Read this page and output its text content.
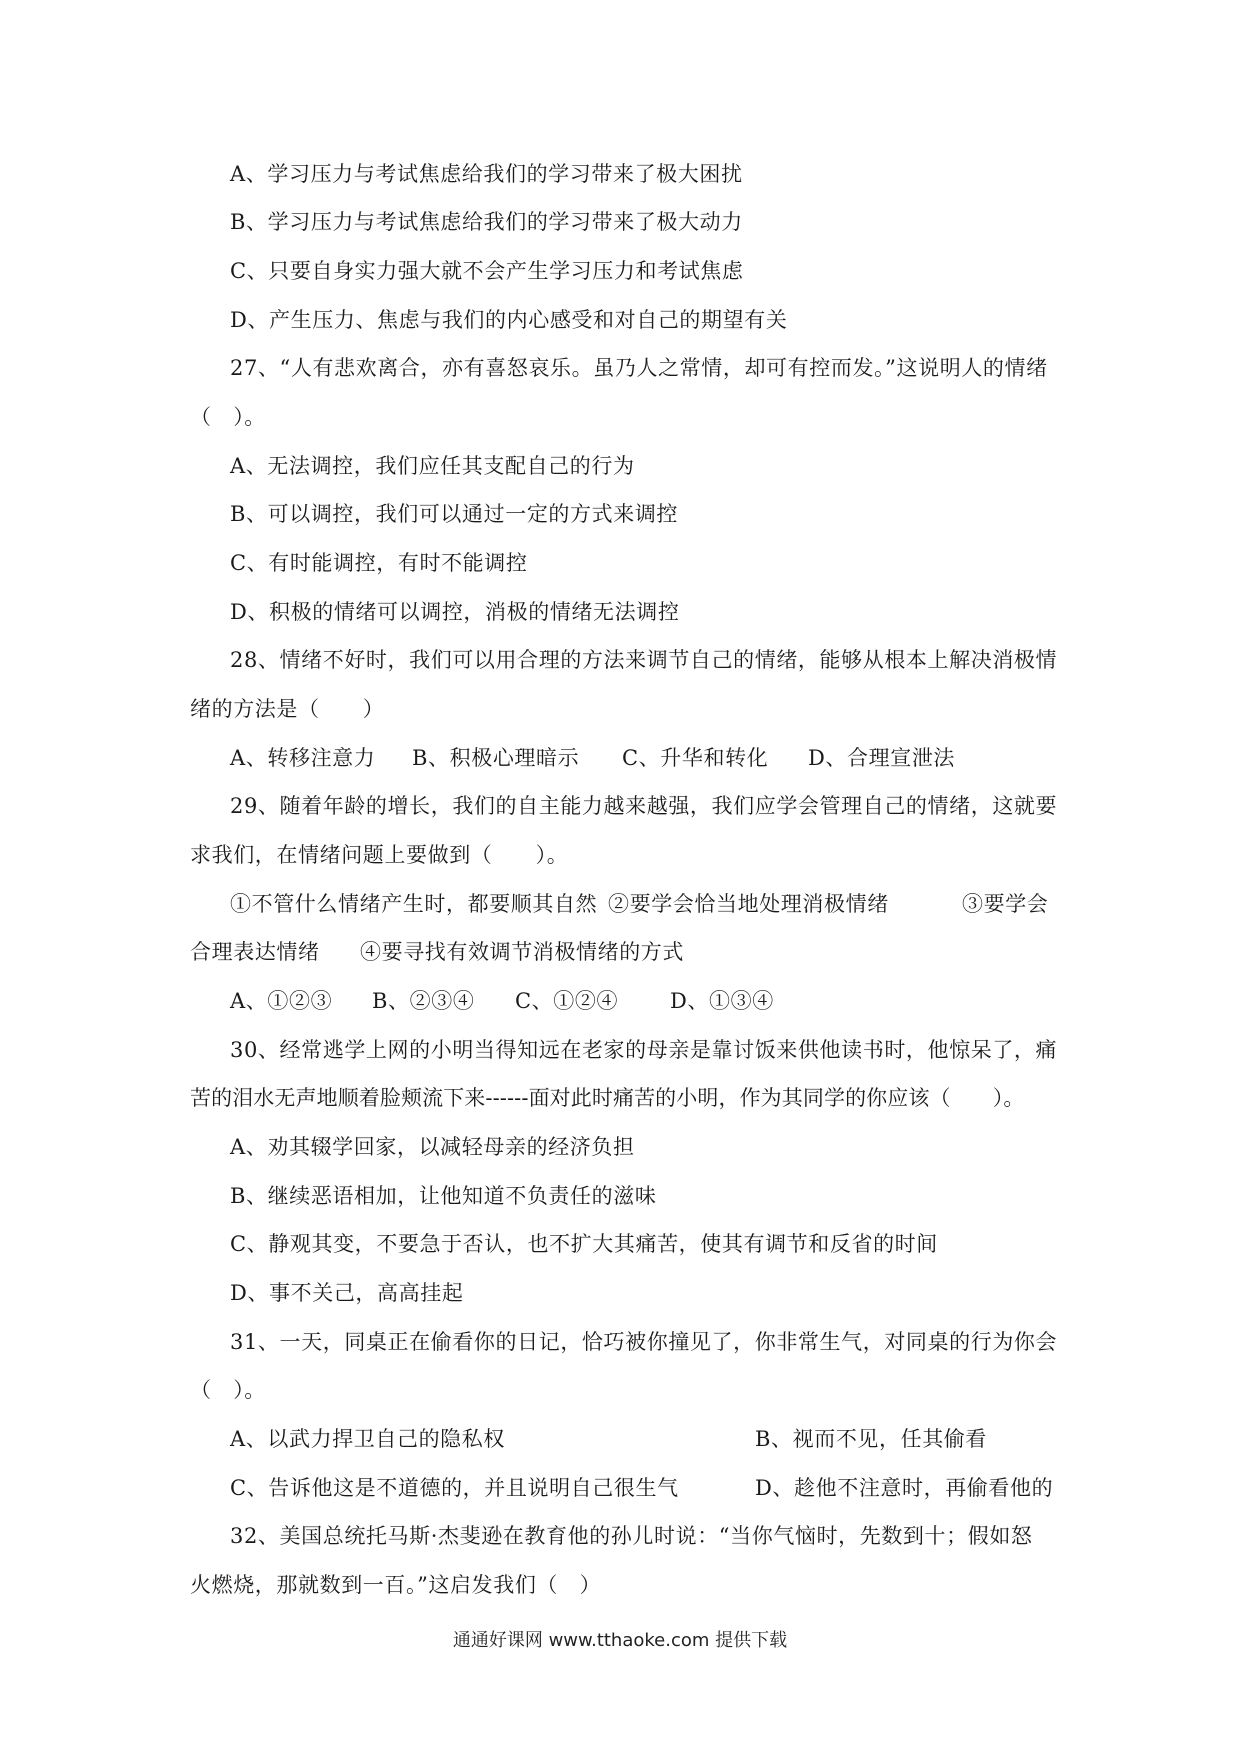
A、学习压力与考试焦虑给我们的学习带来了极大困扰
B、学习压力与考试焦虑给我们的学习带来了极大动力
C、只要自身实力强大就不会产生学习压力和考试焦虑
D、产生压力、焦虑与我们的内心感受和对自己的期望有关
27、“人有悲欢离合，亦有喜怒哀乐。虽乃人之常情，却可有控而发。”这说明人的情绪
（　）。
A、无法调控，我们应任其支配自己的行为
B、可以调控，我们可以通过一定的方式来调控
C、有时能调控，有时不能调控
D、积极的情绪可以调控，消极的情绪无法调控
28、情绪不好时，我们可以用合理的方法来调节自己的情绪，能够从根本上解决消极情
绪的方法是（　　）
A、转移注意力 B、积极心理暗示 C、升华和转化 D、合理宣泄法
29、随着年龄的增长，我们的自主能力越来越强，我们应学会管理自己的情绪，这就要
求我们，在情绪问题上要做到（　　）。
①不管什么情绪产生时，都要顺其自然 ②要学会恰当地处理消极情绪	③要学会
合理表达情绪 ④要寻找有效调节消极情绪的方式
A、①②③ B、②③④ C、①②④ D、①③④
30、经常逃学上网的小明当得知远在老家的母亲是靠讨饭来供他读书时，他惊呆了，痛
苦的泪水无声地顺着脸颊流下来------面对此时痛苦的小明，作为其同学的你应该（　　）。
A、劝其辍学回家，以减轻母亲的经济负担
B、继续恶语相加，让他知道不负责任的滋味
C、静观其变，不要急于否认，也不扩大其痛苦，使其有调节和反省的时间
D、事不关己，高高挂起
31、一天，同桌正在偷看你的日记，恰巧被你撞见了，你非常生气，对同桌的行为你会
（　）。
A、以武力捍卫自己的隐私权	B、视而不见，任其偷看
C、告诉他这是不道德的，并且说明自己很生气	D、趁他不注意时，再偷看他的
32、美国总统托马斯·杰斐逊在教育他的孙儿时说：“当你气恼时，先数到十；假如怒
火燃烧，那就数到一百。”这启发我们（　）
通通好课网 www.tthaoke.com 提供下载
